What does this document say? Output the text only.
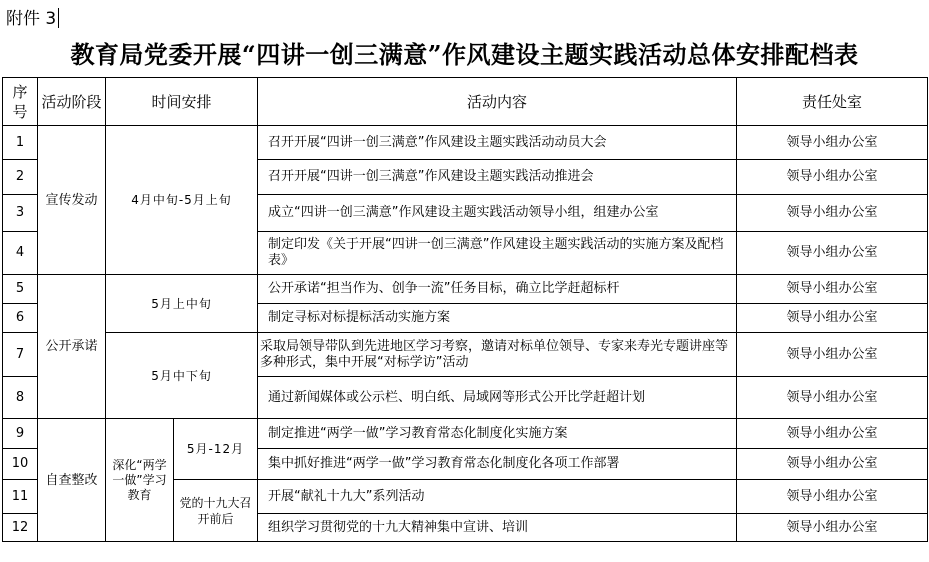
附件 3
教育局党委开展“四讲一创三满意”作风建设主题实践活动总体安排配档表
序号	活动阶段	时间安排		活动内容	责任处室
1	宣传发动	4月中旬-5月上旬		召开开展“四讲一创三满意”作风建设主题实践活动动员大会	领导小组办公室
2				召开开展“四讲一创三满意”作风建设主题实践活动推进会	领导小组办公室
3				成立“四讲一创三满意”作风建设主题实践活动领导小组，组建办公室	领导小组办公室
4				制定印发《关于开展“四讲一创三满意”作风建设主题实践活动的实施方案及配档表》	领导小组办公室
5	公开承诺	5月上中旬		公开承诺“担当作为、创争一流”任务目标，确立比学赶超标杆	领导小组办公室
6				制定寻标对标提标活动实施方案	领导小组办公室
7		5月中下旬		采取局领导带队到先进地区学习考察，邀请对标单位领导、专家来寿光专题讲座等多种形式，集中开展“对标学访”活动	领导小组办公室
8				通过新闻媒体或公示栏、明白纸、局域网等形式公开比学赶超计划	领导小组办公室
9	自查整改	深化“两学一做”学习教育	5月-12月	制定推进“两学一做”学习教育常态化制度化实施方案	领导小组办公室
10				集中抓好推进“两学一做”学习教育常态化制度化各项工作部署	领导小组办公室
11			党的十九大召开前后	开展“献礼十九大”系列活动	领导小组办公室
12				组织学习贯彻党的十九大精神集中宣讲、培训	领导小组办公室
